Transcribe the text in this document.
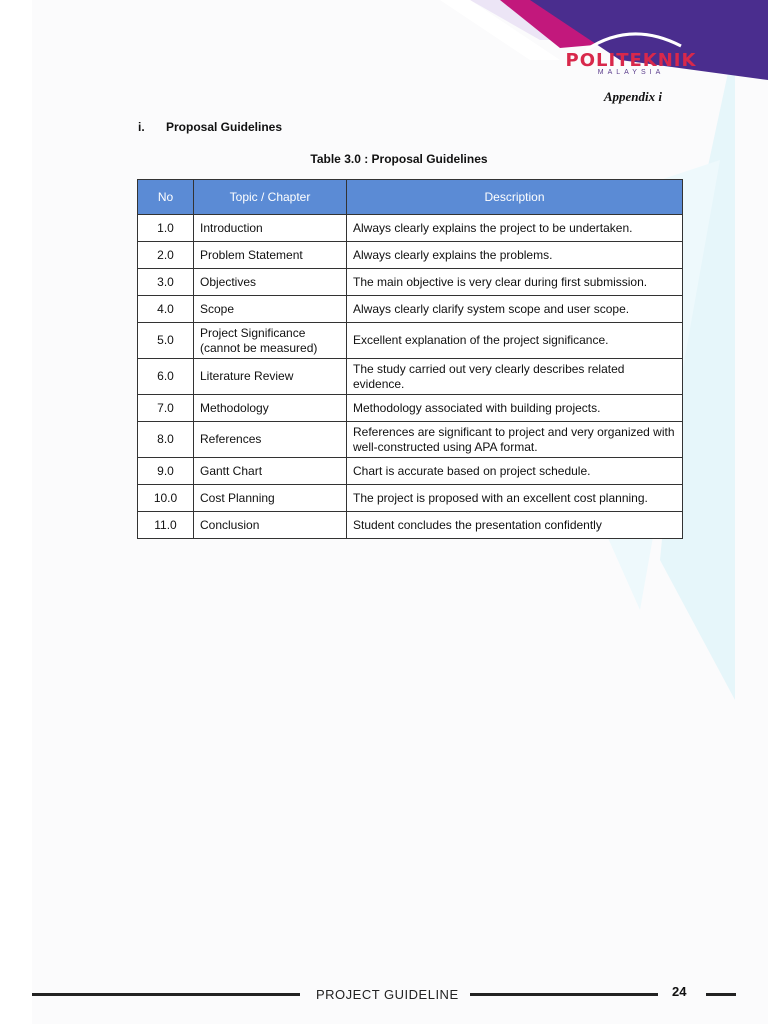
POLITEKNIK
MALAYSIA
Appendix i
i. Proposal Guidelines
Table 3.0 : Proposal Guidelines
No	Topic / Chapter	Description
1.0	Introduction	Always clearly explains the project to be undertaken.
2.0	Problem Statement	Always clearly explains the problems.
3.0	Objectives	The main objective is very clear during first submission.
4.0	Scope	Always clearly clarify system scope and user scope.
5.0	Project Significance (cannot be measured)	Excellent explanation of the project significance.
6.0	Literature Review	The study carried out very clearly describes related evidence.
7.0	Methodology	Methodology associated with building projects.
8.0	References	References are significant to project and very organized with well-constructed using APA format.
9.0	Gantt Chart	Chart is accurate based on project schedule.
10.0	Cost Planning	The project is proposed with an excellent cost planning.
11.0	Conclusion	Student concludes the presentation confidently
PROJECT GUIDELINE	24
